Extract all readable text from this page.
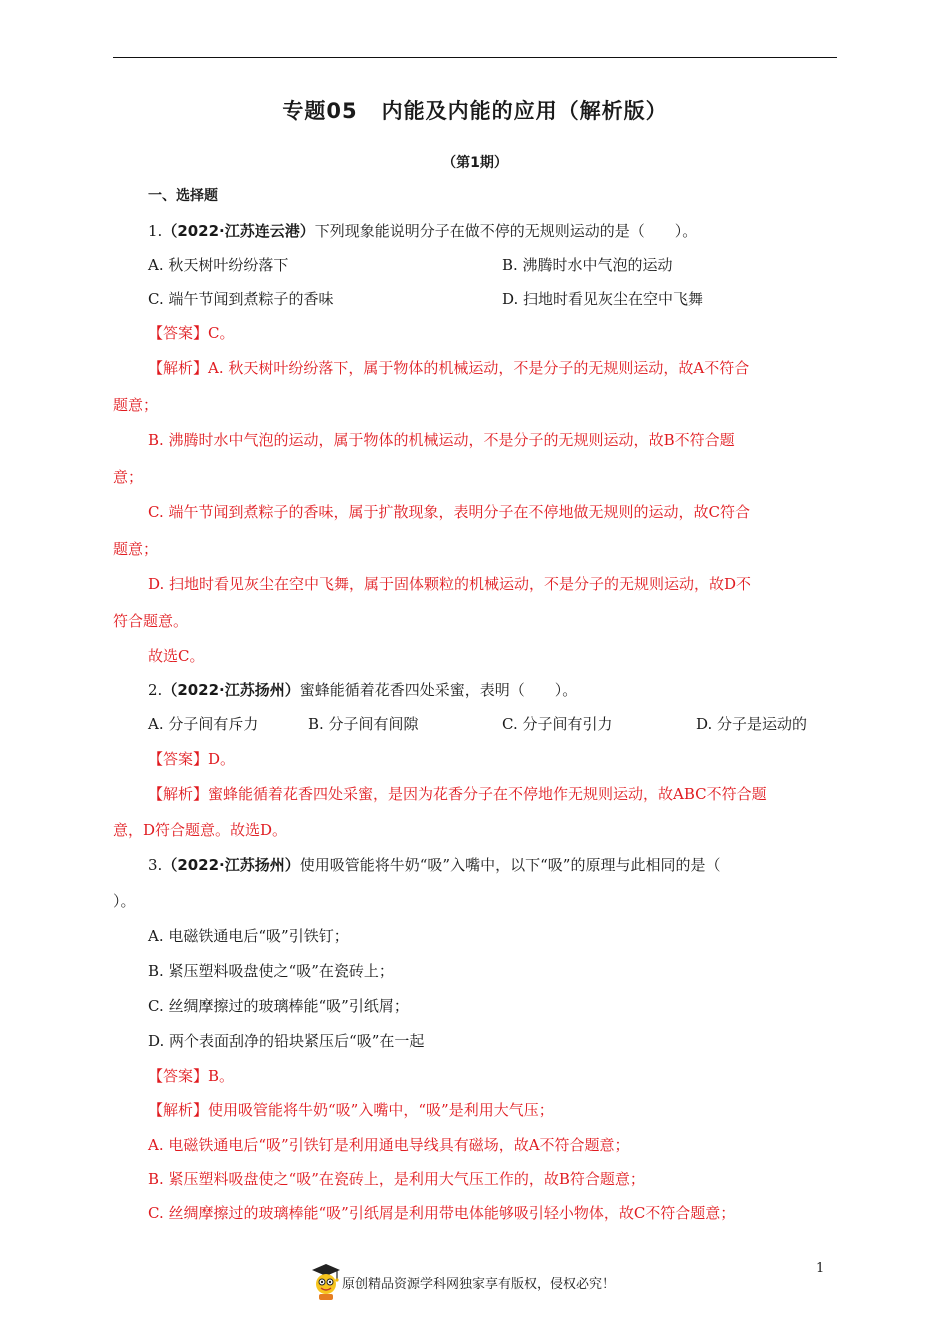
专题05 内能及内能的应用（解析版）
（第1期）
一、选择题
1.（2022·江苏连云港）下列现象能说明分子在做不停的无规则运动的是（　　）。
A. 秋天树叶纷纷落下	B. 沸腾时水中气泡的运动
C. 端午节闻到煮粽子的香味	D. 扫地时看见灰尘在空中飞舞
【答案】C。
【解析】A. 秋天树叶纷纷落下，属于物体的机械运动，不是分子的无规则运动，故A不符合
题意；
B. 沸腾时水中气泡的运动，属于物体的机械运动，不是分子的无规则运动，故B不符合题
意；
C. 端午节闻到煮粽子的香味，属于扩散现象，表明分子在不停地做无规则的运动，故C符合
题意；
D. 扫地时看见灰尘在空中飞舞，属于固体颗粒的机械运动，不是分子的无规则运动，故D不
符合题意。
故选C。
2.（2022·江苏扬州）蜜蜂能循着花香四处采蜜，表明（　　）。
A. 分子间有斥力	B. 分子间有间隙	C. 分子间有引力	D. 分子是运动的
【答案】D。
【解析】蜜蜂能循着花香四处采蜜，是因为花香分子在不停地作无规则运动，故ABC不符合题
意，D符合题意。故选D。
3.（2022·江苏扬州）使用吸管能将牛奶“吸”入嘴中，以下“吸”的原理与此相同的是（
）。
A. 电磁铁通电后“吸”引铁钉；
B. 紧压塑料吸盘使之“吸”在瓷砖上；
C. 丝绸摩擦过的玻璃棒能“吸”引纸屑；
D. 两个表面刮净的铅块紧压后“吸”在一起
【答案】B。
【解析】使用吸管能将牛奶“吸”入嘴中，“吸”是利用大气压；
A. 电磁铁通电后“吸”引铁钉是利用通电导线具有磁场，故A不符合题意；
B. 紧压塑料吸盘使之“吸”在瓷砖上，是利用大气压工作的，故B符合题意；
C. 丝绸摩擦过的玻璃棒能“吸”引纸屑是利用带电体能够吸引轻小物体，故C不符合题意；
1
原创精品资源学科网独家享有版权，侵权必究！
